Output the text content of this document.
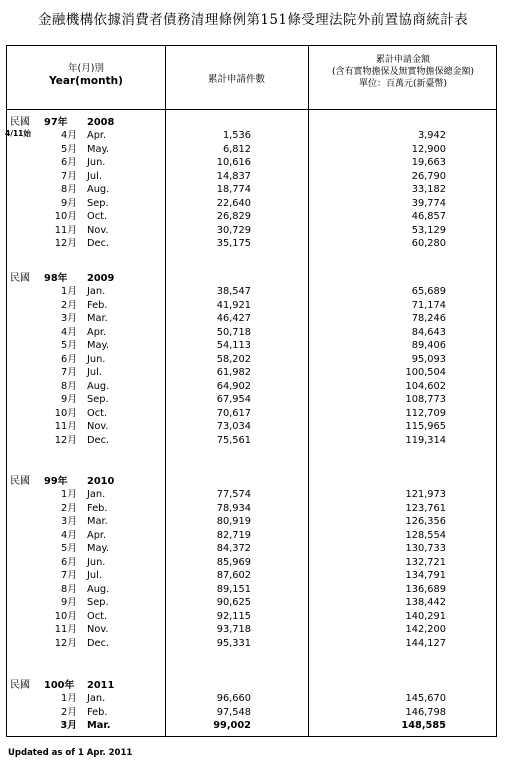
金融機構依據消費者債務清理條例第151條受理法院外前置協商統計表
年(月)別
Year(month)	累計申請件數
累計申請金額
(含有實物擔保及無實物擔保總金額)
單位：百萬元(新臺幣)
民國 97年 2008
4/11始	4月 Apr.	1,536	3,942
5月 May.	6,812	12,900
6月 Jun.	10,616	19,663
7月 Jul.	14,837	26,790
8月 Aug.	18,774	33,182
9月 Sep.	22,640	39,774
10月 Oct.	26,829	46,857
11月 Nov.	30,729	53,129
12月 Dec.	35,175	60,280
民國 98年 2009
1月 Jan.	38,547	65,689
2月 Feb.	41,921	71,174
3月 Mar.	46,427	78,246
4月 Apr.	50,718	84,643
5月 May.	54,113	89,406
6月 Jun.	58,202	95,093
7月 Jul.	61,982	100,504
8月 Aug.	64,902	104,602
9月 Sep.	67,954	108,773
10月 Oct.	70,617	112,709
11月 Nov.	73,034	115,965
12月 Dec.	75,561	119,314
民國 99年 2010
1月 Jan.	77,574	121,973
2月 Feb.	78,934	123,761
3月 Mar.	80,919	126,356
4月 Apr.	82,719	128,554
5月 May.	84,372	130,733
6月 Jun.	85,969	132,721
7月 Jul.	87,602	134,791
8月 Aug.	89,151	136,689
9月 Sep.	90,625	138,442
10月 Oct.	92,115	140,291
11月 Nov.	93,718	142,200
12月 Dec.	95,331	144,127
民國 100年 2011
1月 Jan.	96,660	145,670
2月 Feb.	97,548	146,798
3月 Mar.	99,002	148,585
Updated as of 1 Apr. 2011
